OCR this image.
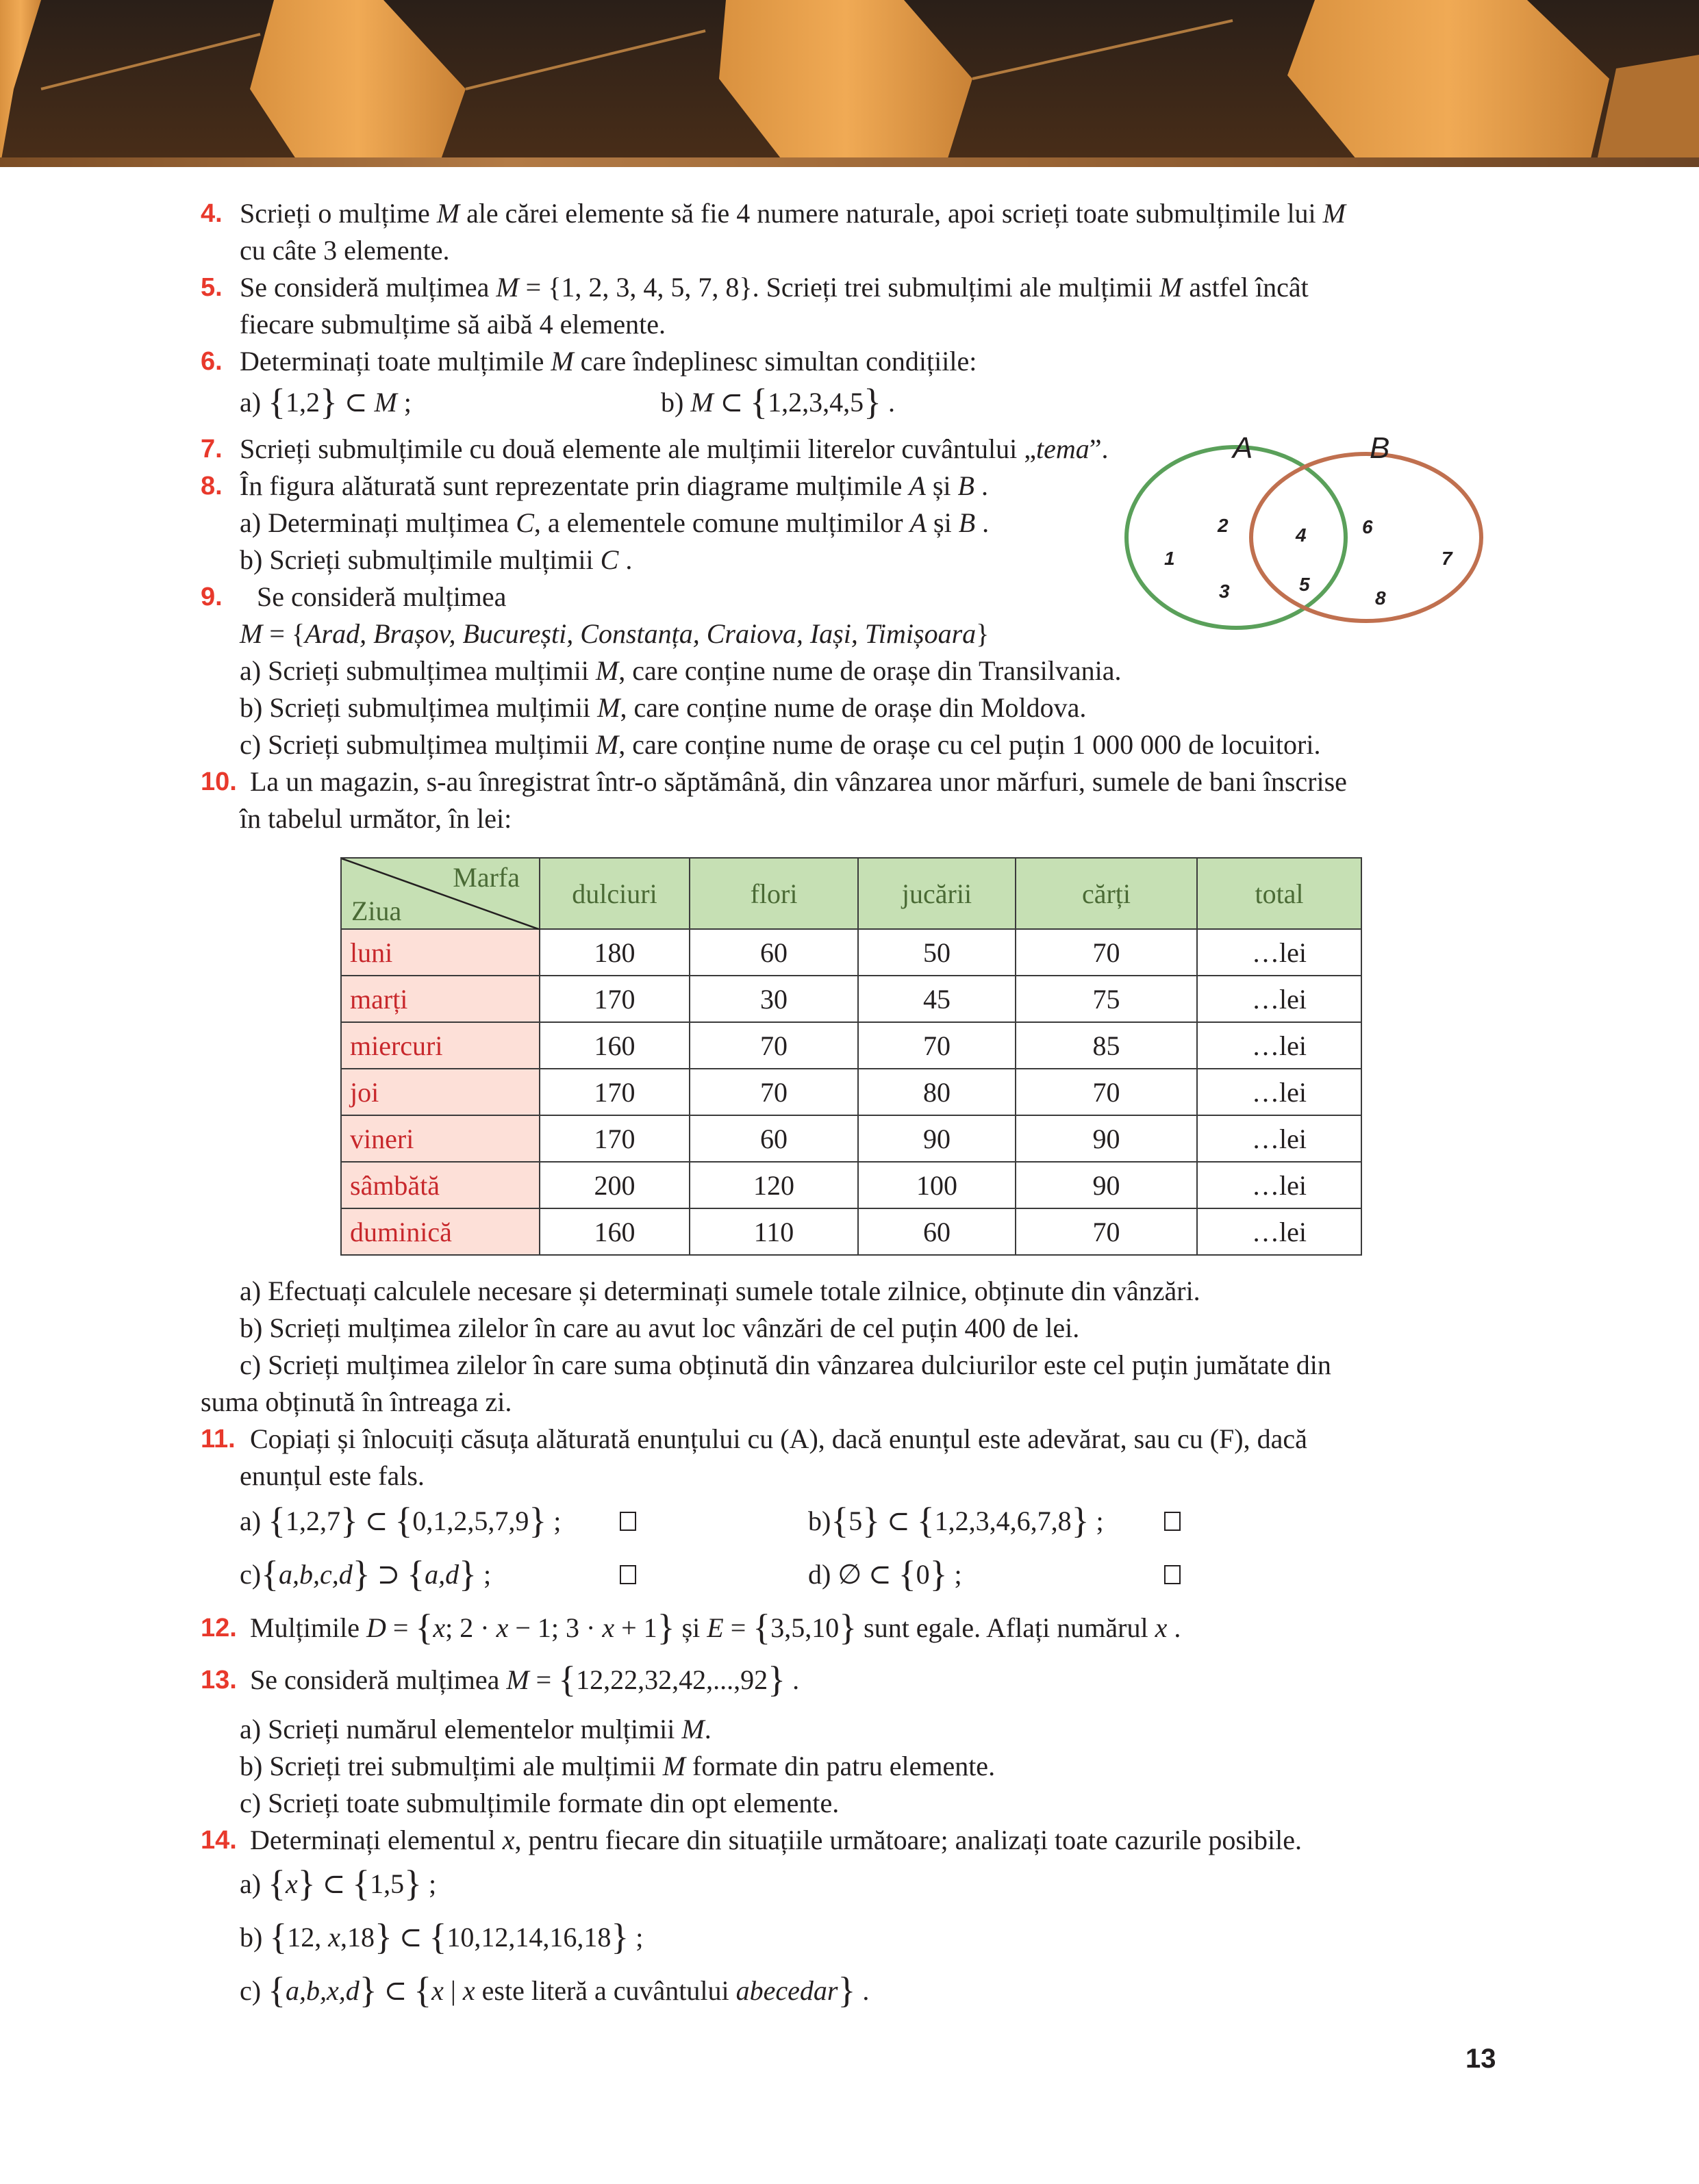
4. Scrieți o mulțime M ale cărei elemente să fie 4 numere naturale, apoi scrieți toate submulțimile lui M
cu câte 3 elemente.
5. Se consideră mulțimea M = {1, 2, 3, 4, 5, 7, 8}. Scrieți trei submulțimi ale mulțimii M astfel încât
fiecare submulțime să aibă 4 elemente.
6. Determinați toate mulțimile M care îndeplinesc simultan condițiile:
a) {1,2} ⊂ M ;	b) M ⊂ {1,2,3,4,5} .
7. Scrieți submulțimile cu două elemente ale mulțimii literelor cuvântului „tema”.
8. În figura alăturată sunt reprezentate prin diagrame mulțimile A și B .
a) Determinați mulțimea C, a elementele comune mulțimilor A și B .
b) Scrieți submulțimile mulțimii C .
A	B
1
2
3
4
5
6
7
8
9. Se consideră mulțimea
M = {Arad, Brașov, București, Constanța, Craiova, Iași, Timișoara}
a) Scrieți submulțimea mulțimii M, care conține nume de orașe din Transilvania.
b) Scrieți submulțimea mulțimii M, care conține nume de orașe din Moldova.
c) Scrieți submulțimea mulțimii M, care conține nume de orașe cu cel puțin 1 000 000 de locuitori.
10. La un magazin, s-au înregistrat într-o săptămână, din vânzarea unor mărfuri, sumele de bani înscrise
în tabelul următor, în lei:
Marfa
Ziua	dulciuri	flori	jucării	cărți	total
luni	180	60	50	70	…lei
marți	170	30	45	75	…lei
miercuri	160	70	70	85	…lei
joi	170	70	80	70	…lei
vineri	170	60	90	90	…lei
sâmbătă	200	120	100	90	…lei
duminică	160	110	60	70	…lei
a) Efectuați calculele necesare și determinați sumele totale zilnice, obținute din vânzări.
b) Scrieți mulțimea zilelor în care au avut loc vânzări de cel puțin 400 de lei.
c) Scrieți mulțimea zilelor în care suma obținută din vânzarea dulciurilor este cel puțin jumătate din
suma obținută în întreaga zi.
11. Copiați și înlocuiți căsuța alăturată enunțului cu (A), dacă enunțul este adevărat, sau cu (F), dacă
enunțul este fals.
a) {1,2,7} ⊂ {0,1,2,5,7,9} ;	b){5} ⊂ {1,2,3,4,6,7,8} ;
c){a,b,c,d} ⊃ {a,d} ;	d) ∅ ⊂ {0} ;
12. Mulțimile D = {x; 2 · x − 1; 3 · x + 1} și E = {3,5,10} sunt egale. Aflați numărul x .
13. Se consideră mulțimea M = {12,22,32,42,...,92} .
a) Scrieți numărul elementelor mulțimii M.
b) Scrieți trei submulțimi ale mulțimii M formate din patru elemente.
c) Scrieți toate submulțimile formate din opt elemente.
14. Determinați elementul x, pentru fiecare din situațiile următoare; analizați toate cazurile posibile.
a) {x} ⊂ {1,5} ;
b) {12, x,18} ⊂ {10,12,14,16,18} ;
c) {a,b,x,d} ⊂ {x | x este literă a cuvântului abecedar} .
13
